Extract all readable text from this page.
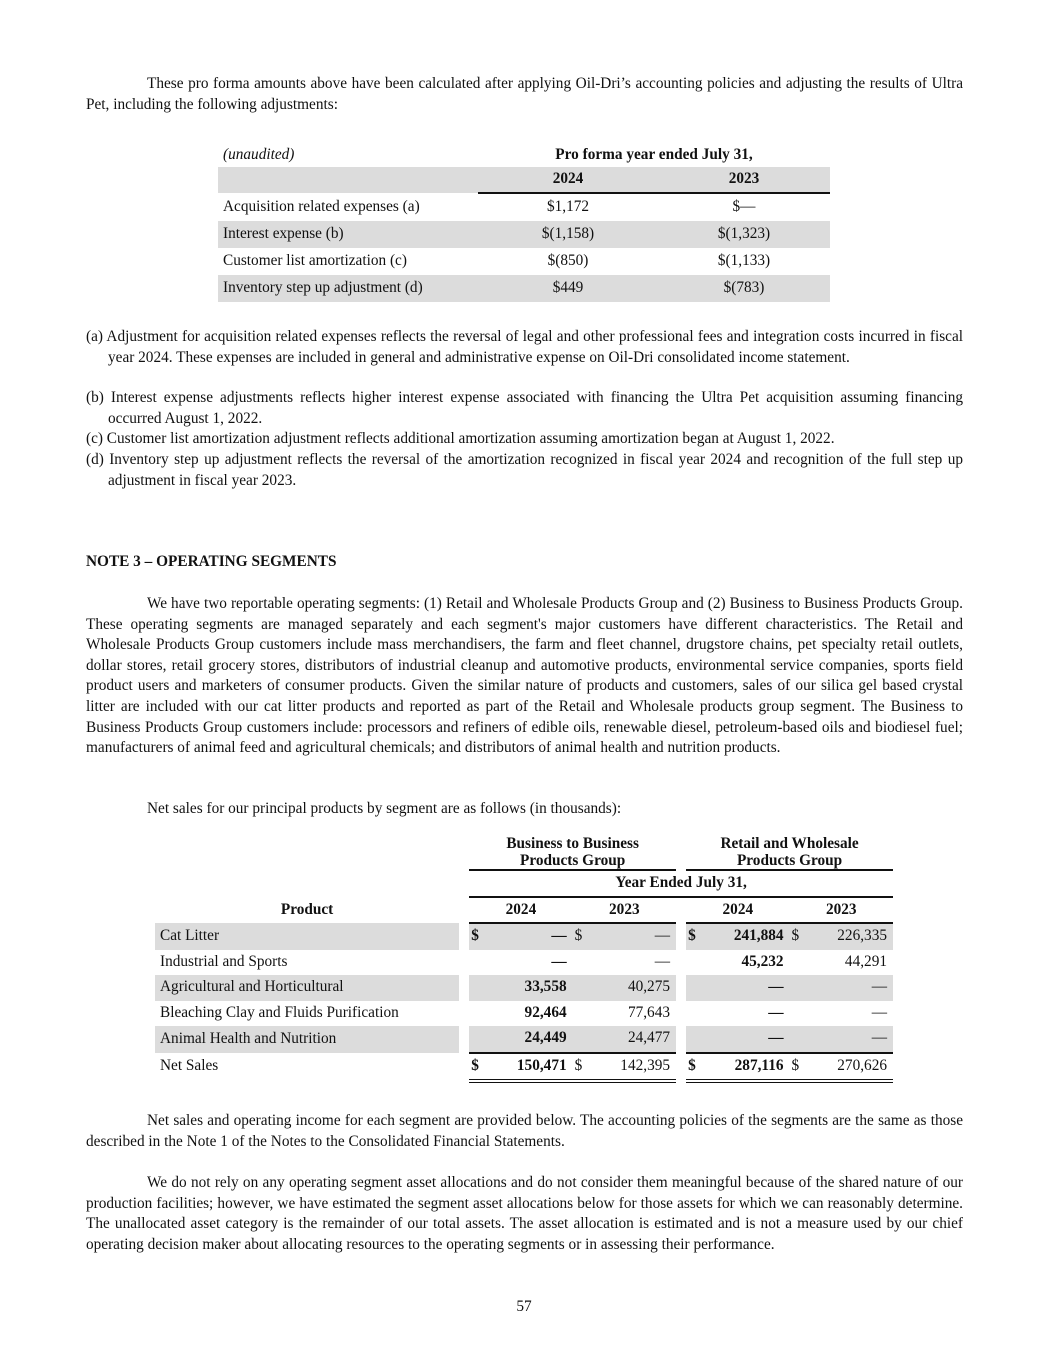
These pro forma amounts above have been calculated after applying Oil-Dri’s accounting policies and adjusting the results of Ultra Pet, including the following adjustments:

(unaudited)	Pro forma year ended July 31,	
	2024	2023
Acquisition related expenses (a)	$1,172	$—
Interest expense (b)	$(1,158)	$(1,323)
Customer list amortization (c)	$(850)	$(1,133)
Inventory step up adjustment (d)	$449	$(783)

(a) Adjustment for acquisition related expenses reflects the reversal of legal and other professional fees and integration costs incurred in fiscal year 2024. These expenses are included in general and administrative expense on Oil-Dri consolidated income statement.

(b) Interest expense adjustments reflects higher interest expense associated with financing the Ultra Pet acquisition assuming financing occurred August 1, 2022.

(c) Customer list amortization adjustment reflects additional amortization assuming amortization began at August 1, 2022.

(d) Inventory step up adjustment reflects the reversal of the amortization recognized in fiscal year 2024 and recognition of the full step up adjustment in fiscal year 2023.

NOTE 3 – OPERATING SEGMENTS

We have two reportable operating segments: (1) Retail and Wholesale Products Group and (2) Business to Business Products Group. These operating segments are managed separately and each segment's major customers have different characteristics. The Retail and Wholesale Products Group customers include mass merchandisers, the farm and fleet channel, drugstore chains, pet specialty retail outlets, dollar stores, retail grocery stores, distributors of industrial cleanup and automotive products, environmental service companies, sports field product users and marketers of consumer products. Given the similar nature of products and customers, sales of our silica gel based crystal litter are included with our cat litter products and reported as part of the Retail and Wholesale products group segment. The Business to Business Products Group customers include: processors and refiners of edible oils, renewable diesel, petroleum-based oils and biodiesel fuel; manufacturers of animal feed and agricultural chemicals; and distributors of animal health and nutrition products.

Net sales for our principal products by segment are as follows (in thousands):

		Business to Business
Products Group					Retail and Wholesale
Products Group			
		Year Ended July 31,								
Product		2024		2023			2024		2023	
Cat Litter		$	—	$	—		$	241,884	$	226,335
Industrial and Sports			—		—			45,232		44,291
Agricultural and Horticultural			33,558		40,275			—		—
Bleaching Clay and Fluids Purification			92,464		77,643			—		—
Animal Health and Nutrition			24,449		24,477			—		—
Net Sales		$	150,471	$	142,395		$	287,116	$	270,626

Net sales and operating income for each segment are provided below. The accounting policies of the segments are the same as those described in the Note 1 of the Notes to the Consolidated Financial Statements.

We do not rely on any operating segment asset allocations and do not consider them meaningful because of the shared nature of our production facilities; however, we have estimated the segment asset allocations below for those assets for which we can reasonably determine. The unallocated asset category is the remainder of our total assets. The asset allocation is estimated and is not a measure used by our chief operating decision maker about allocating resources to the operating segments or in assessing their performance.

57
